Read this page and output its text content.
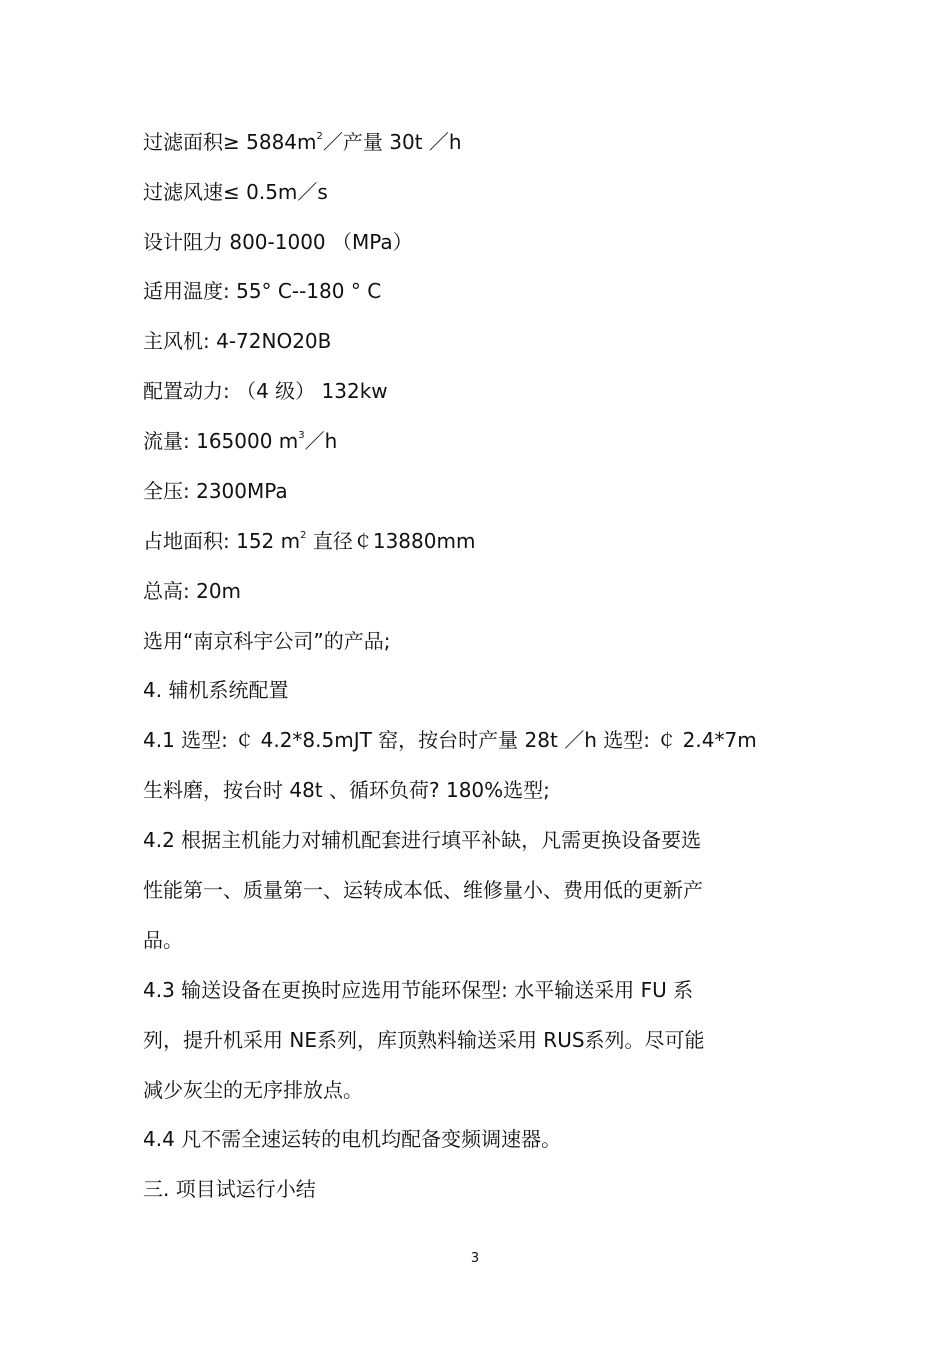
过滤面积≥ $5884m^2/$产量 30t ／h
过滤风速≤ 0.5m／s
设计阻力 800-1000 （MPa）
适用温度: 55° C--180 ° C
主风机: 4-72NO20B
配置动力: （4 级） 132kw
流量: 165000 $m^3/h$
全压: 2300MPa
占地面积: 152 $m^2$ 直径￠13880mm
总高: 20m
选用“南京科宇公司”的产品;
4. 辅机系统配置
4.1 选型: ￠ 4.2*8.5mJT 窑，按台时产量 28t ／h 选型: ￠ 2.4*7m
生料磨，按台时 48t 、循环负荷? 180%选型;
4.2 根据主机能力对辅机配套进行填平补缺，凡需更换设备要选
性能第一、质量第一、运转成本低、维修量小、费用低的更新产
品。
4.3 输送设备在更换时应选用节能环保型: 水平输送采用 FU 系
列，提升机采用 NE系列，库顶熟料输送采用 RUS系列。尽可能
减少灰尘的无序排放点。
4.4 凡不需全速运转的电机均配备变频调速器。
三. 项目试运行小结
3
